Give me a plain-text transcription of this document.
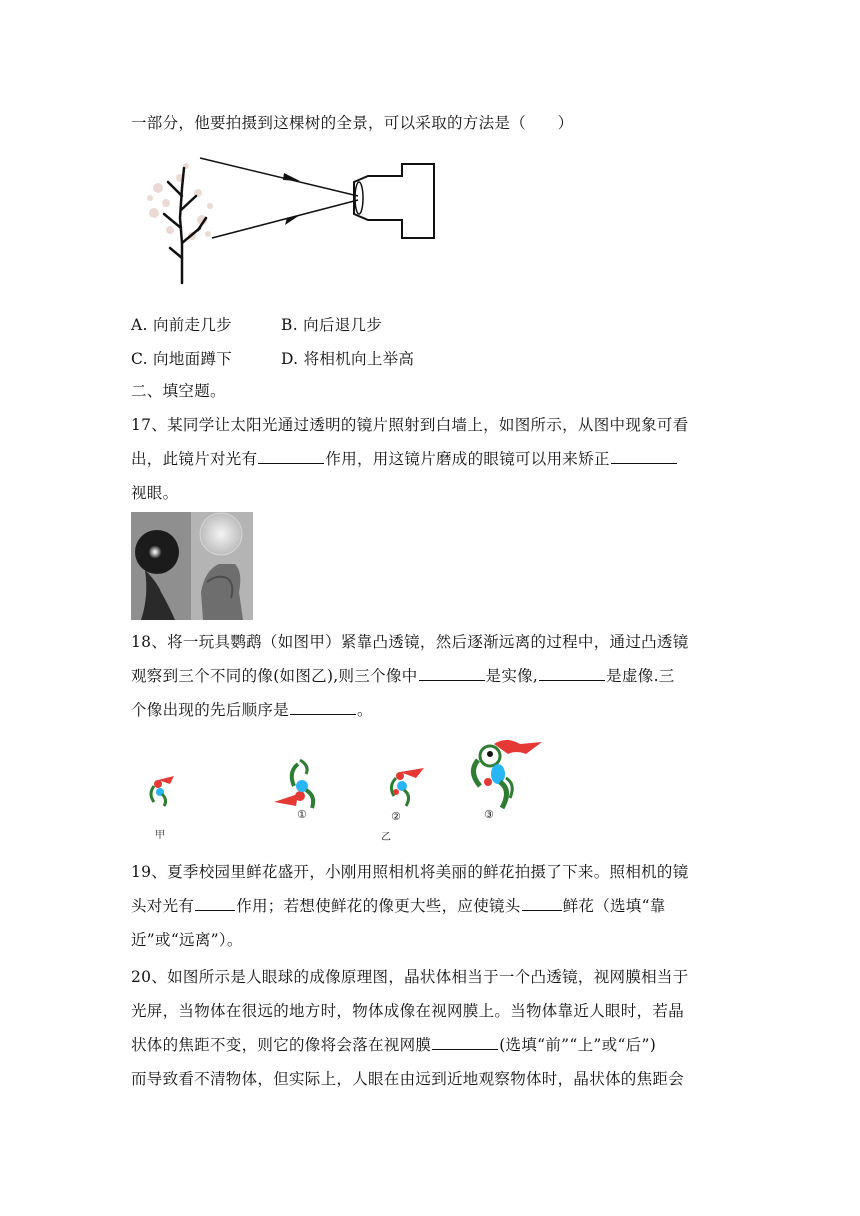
一部分，他要拍摄到这棵树的全景，可以采取的方法是（　　）
A. 向前走几步	B. 向后退几步
C. 向地面蹲下	D. 将相机向上举高
二、填空题。
17、某同学让太阳光通过透明的镜片照射到白墙上，如图所示，从图中现象可看
出，此镜片对光有	作用，用这镜片磨成的眼镜可以用来矫正
视眼。
18、将一玩具鹦鹉（如图甲）紧靠凸透镜，然后逐渐远离的过程中，通过凸透镜
观察到三个不同的像(如图乙),则三个像中	是实像,	是虚像.三
个像出现的先后顺序是	。
①	②	③
甲	乙
19、夏季校园里鲜花盛开，小刚用照相机将美丽的鲜花拍摄了下来。照相机的镜
头对光有	作用；若想使鲜花的像更大些，应使镜头	鲜花（选填“靠
近”或“远离”）。
20、如图所示是人眼球的成像原理图，晶状体相当于一个凸透镜，视网膜相当于
光屏，当物体在很远的地方时，物体成像在视网膜上。当物体靠近人眼时，若晶
状体的焦距不变，则它的像将会落在视网膜	(选填“前”“上”或“后”)
而导致看不清物体，但实际上，人眼在由远到近地观察物体时，晶状体的焦距会
